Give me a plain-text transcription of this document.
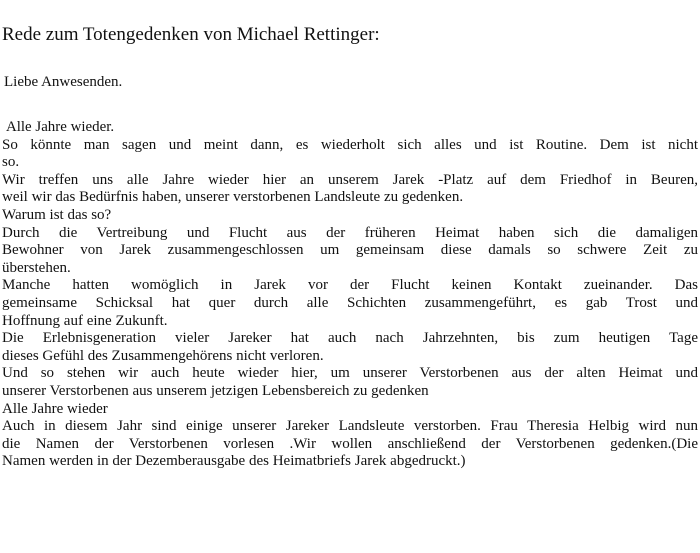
Rede zum Totengedenken von Michael Rettinger:
Liebe Anwesenden.
Alle Jahre wieder.
So könnte man sagen und meint dann, es wiederholt sich alles und ist Routine. Dem ist nicht
so.
Wir treffen uns alle Jahre wieder hier an unserem Jarek -Platz auf dem Friedhof in Beuren,
weil wir das Bedürfnis haben, unserer verstorbenen Landsleute zu gedenken.
Warum ist das so?
Durch die Vertreibung und Flucht aus der früheren Heimat haben sich die damaligen
Bewohner von Jarek zusammengeschlossen um gemeinsam diese damals so schwere Zeit zu
überstehen.
Manche hatten womöglich in Jarek vor der Flucht keinen Kontakt zueinander. Das
gemeinsame Schicksal hat quer durch alle Schichten zusammengeführt, es gab Trost und
Hoffnung auf eine Zukunft.
Die Erlebnisgeneration vieler Jareker hat auch nach Jahrzehnten, bis zum heutigen Tage
dieses Gefühl des Zusammengehörens nicht verloren.
Und so stehen wir auch heute wieder hier, um unserer Verstorbenen aus der alten Heimat und
unserer Verstorbenen aus unserem jetzigen Lebensbereich zu gedenken
Alle Jahre wieder
Auch in diesem Jahr sind einige unserer Jareker Landsleute verstorben. Frau Theresia Helbig wird nun
die Namen der Verstorbenen vorlesen .Wir wollen anschließend der Verstorbenen gedenken.(Die
Namen werden in der Dezemberausgabe des Heimatbriefs Jarek abgedruckt.)
